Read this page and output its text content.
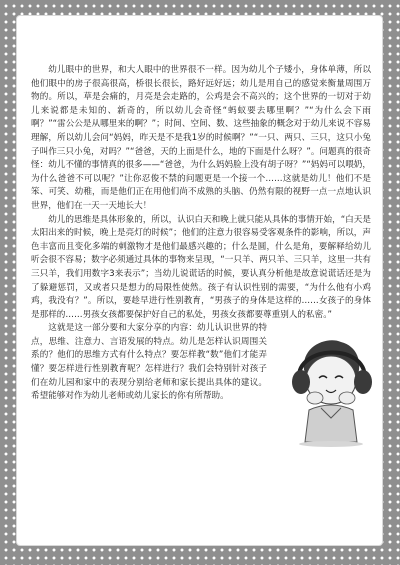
幼儿眼中的世界，和大人眼中的世界很不一样。因为幼儿个子矮小，身体单薄，所以他们眼中的房子很高很高，桥很长很长，路好远好远；幼儿是用自己的感觉来衡量周围万物的。所以，草是会痛的，月亮是会走路的，公鸡是会不高兴的；这个世界的一切对于幼儿来说都是未知的、新奇的，所以幼儿会奇怪“蚂蚁要去哪里啊？”“为什么会下雨啊？”“雷公公是从哪里来的啊？”；时间、空间、数、这些抽象的概念对于幼儿来说不容易理解，所以幼儿会问“妈妈，昨天是不是我1岁的时候啊？”“一只、两只、三只，这只小兔子叫作三只小兔，对吗？”“爸爸，天的上面是什么，地的下面是什么呀？”。问题真的很奇怪：幼儿不懂的事情真的很多——“爸爸，为什么妈妈脸上没有胡子呀？”“妈妈可以喂奶，为什么爸爸不可以呢？”让你忍俊不禁的问题更是一个接一个……这就是幼儿！他们不是笨、可笑、幼稚，而是他们正在用他们尚不成熟的头脑、仍然有限的视野一点一点地认识世界，他们在一天一天地长大！

幼儿的思维是具体形象的，所以，认识白天和晚上就只能从具体的事情开始，“白天是太阳出来的时候，晚上是亮灯的时候”；他们的注意力很容易受客观条件的影响，所以，声色丰富而且变化多端的刺激物才是他们最感兴趣的；什么是圆，什么是角，要解释给幼儿听会很不容易；数字必须通过具体的事物来呈现，“一只羊、两只羊、三只羊，这里一共有三只羊，我们用数字3来表示”；当幼儿说谎话的时候，要认真分析他是故意说谎话还是为了躲避惩罚，又或者只是想力的局限性使然。孩子有认识性别的需要，“为什么他有小鸡鸡，我没有？”。所以，要趁早进行性别教育，“男孩子的身体是这样的……女孩子的身体是那样的……男孩女孩都要保护好自己的私处，男孩女孩都要尊重别人的私密。”

这就是这一部分要和大家分享的内容：幼儿认识世界的特点，思维、注意力、言语发展的特点。幼儿是怎样认识周围关系的？他们的思维方式有什么特点？要怎样教“数”他们才能弄懂？要怎样进行性别教育呢？怎样进行？我们会特别针对孩子们在幼儿园和家中的表现分别给老师和家长提出具体的建议。希望能够对作为幼儿老师或幼儿家长的你有所帮助。
